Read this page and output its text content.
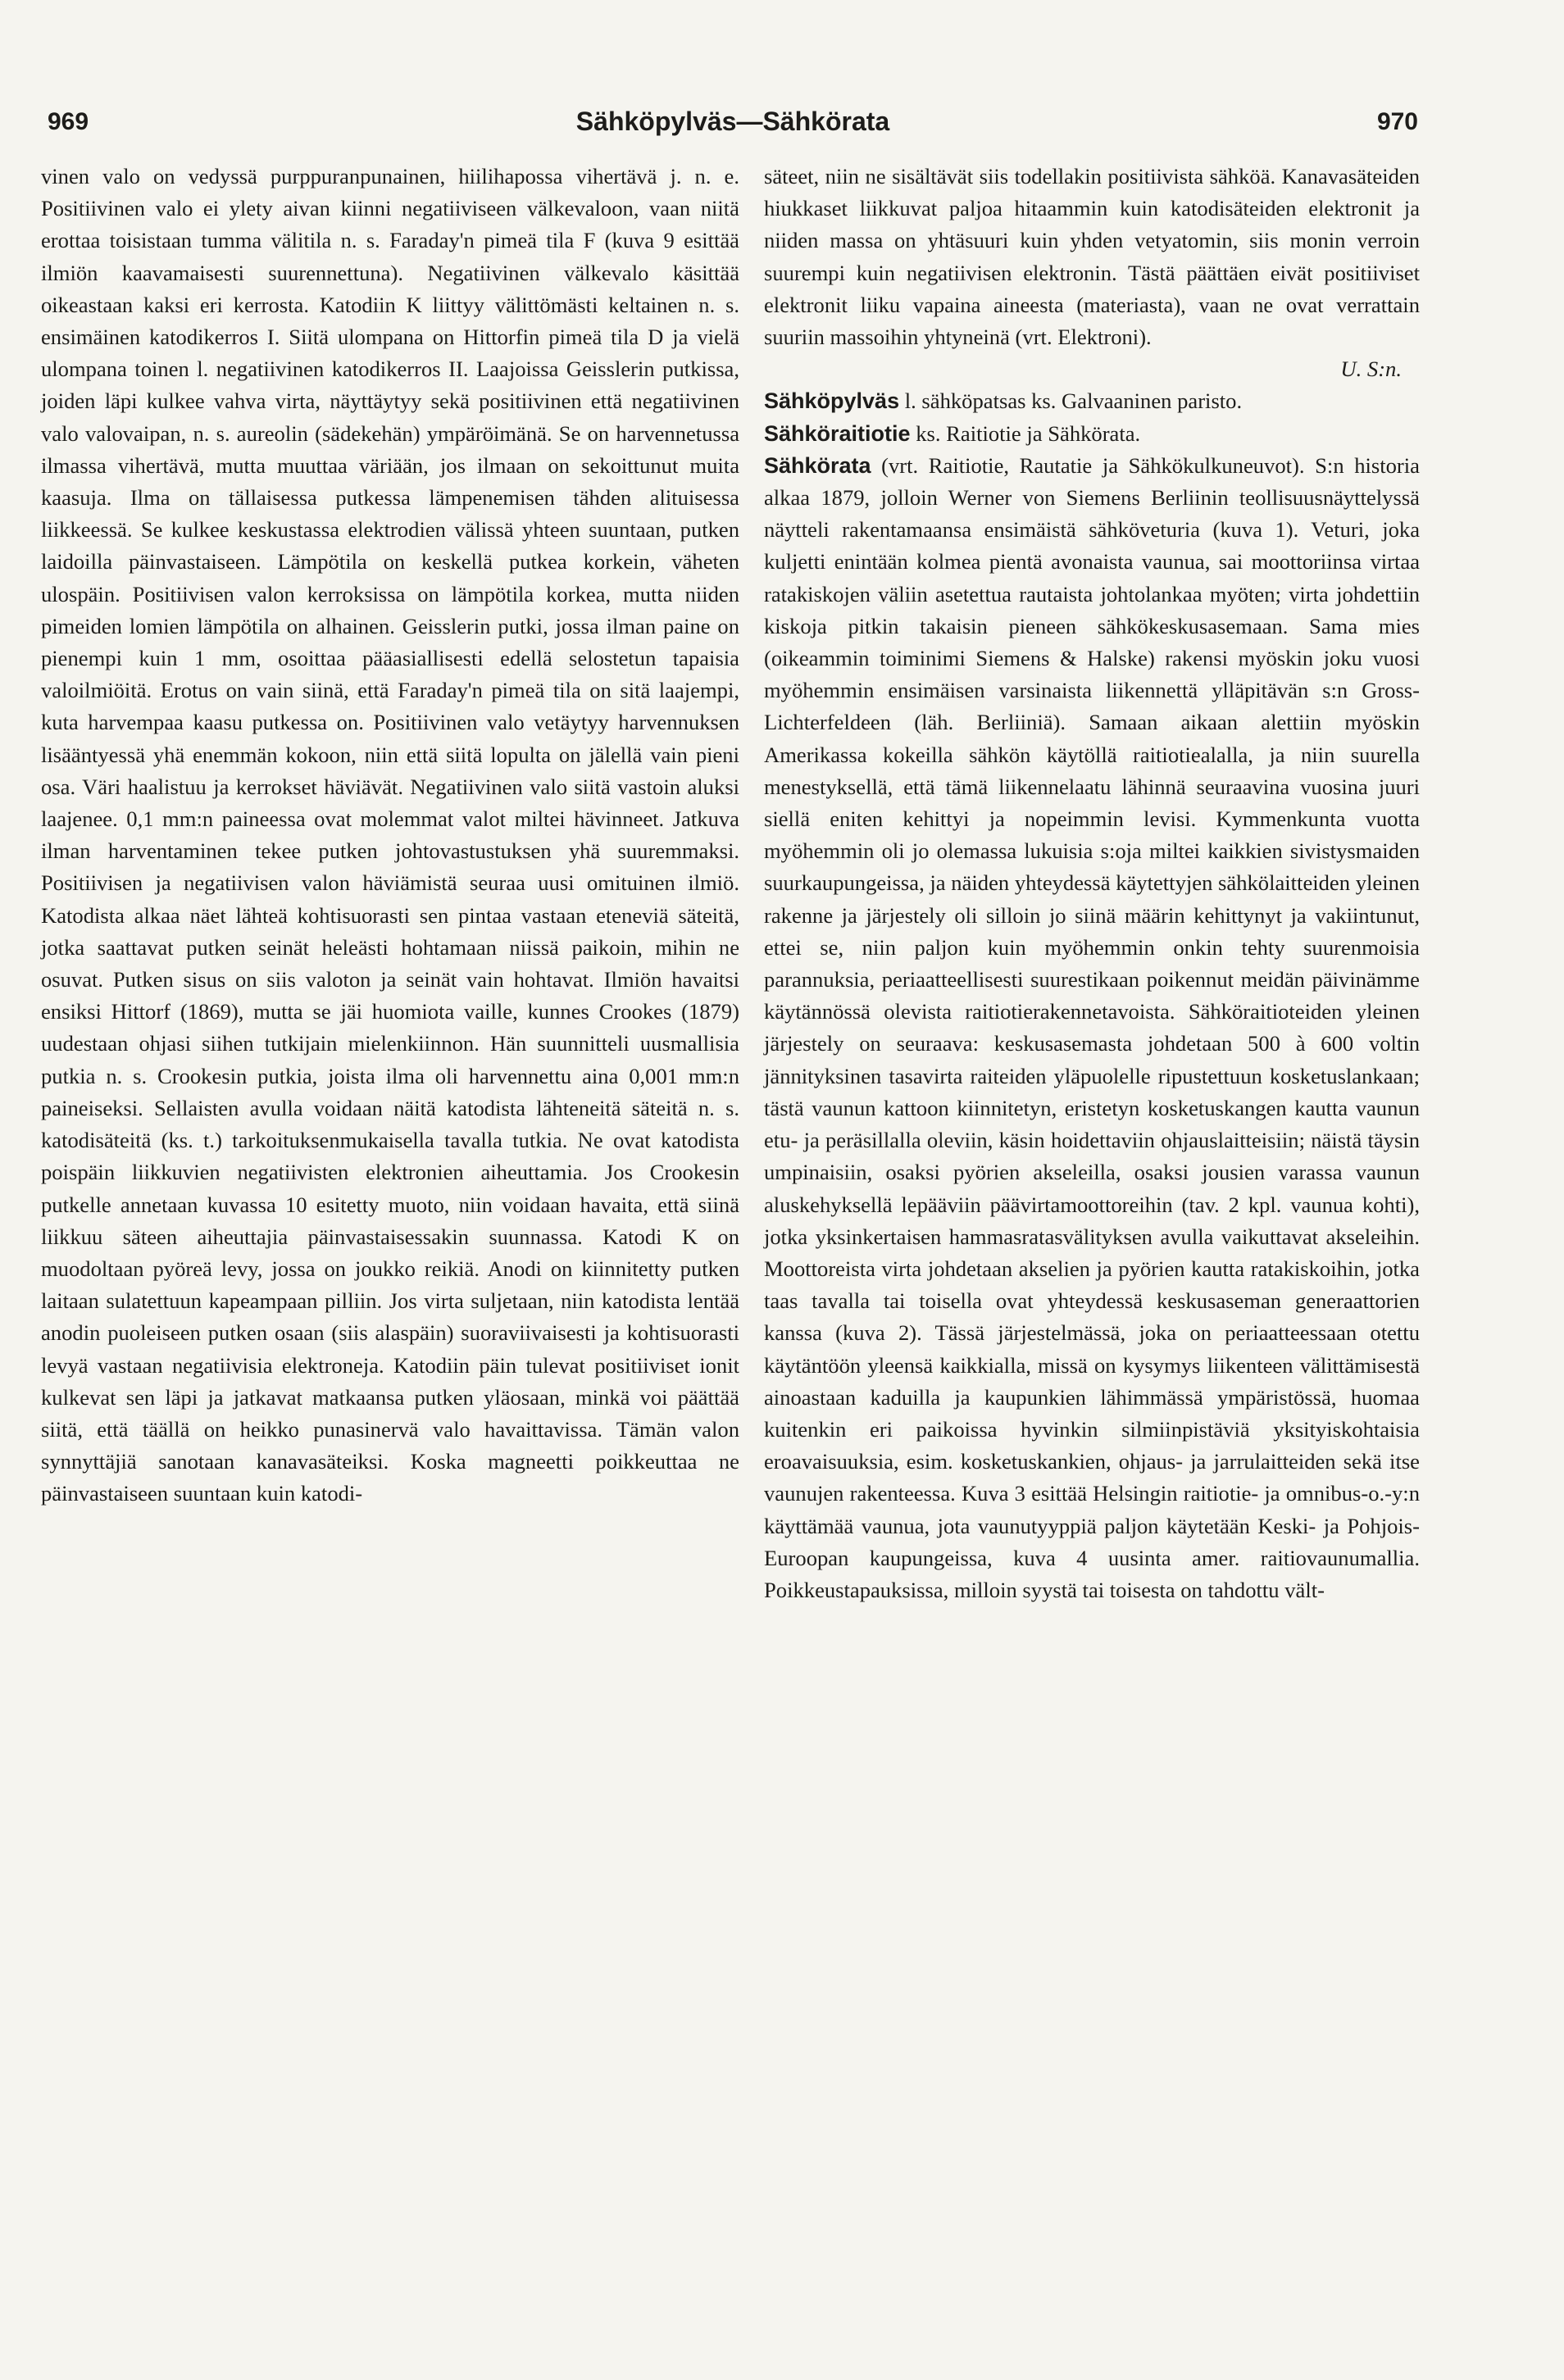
969	Sähköpylväs—Sähkörata	970

vinen valo on vedyssä purppuranpunainen, hiilihapossa vihertävä j. n. e. Positiivinen valo ei ylety aivan kiinni negatiiviseen välkevaloon, vaan niitä erottaa toisistaan tumma välitila n. s. Faraday'n pimeä tila F (kuva 9 esittää ilmiön kaavamaisesti suurennettuna). Negatiivinen välkevalo käsittää oikeastaan kaksi eri kerrosta. Katodiin K liittyy välittömästi keltainen n. s. ensimäinen katodikerros I. Siitä ulompana on Hittorfin pimeä tila D ja vielä ulompana toinen l. negatiivinen katodikerros II. Laajoissa Geisslerin putkissa, joiden läpi kulkee vahva virta, näyttäytyy sekä positiivinen että negatiivinen valo valovaipan, n. s. aureolin (sädekehän) ympäröimänä. Se on harvennetussa ilmassa vihertävä, mutta muuttaa väriään, jos ilmaan on sekoittunut muita kaasuja. Ilma on tällaisessa putkessa lämpenemisen tähden alituisessa liikkeessä. Se kulkee keskustassa elektrodien välissä yhteen suuntaan, putken laidoilla päinvastaiseen. Lämpötila on keskellä putkea korkein, väheten ulospäin. Positiivisen valon kerroksissa on lämpötila korkea, mutta niiden pimeiden lomien lämpötila on alhainen. Geisslerin putki, jossa ilman paine on pienempi kuin 1 mm, osoittaa pääasiallisesti edellä selostetun tapaisia valoilmiöitä. Erotus on vain siinä, että Faraday'n pimeä tila on sitä laajempi, kuta harvempaa kaasu putkessa on. Positiivinen valo vetäytyy harvennuksen lisääntyessä yhä enemmän kokoon, niin että siitä lopulta on jälellä vain pieni osa. Väri haalistuu ja kerrokset häviävät. Negatiivinen valo siitä vastoin aluksi laajenee. 0,1 mm:n paineessa ovat molemmat valot miltei hävinneet. Jatkuva ilman harventaminen tekee putken johtovastustuksen yhä suuremmaksi. Positiivisen ja negatiivisen valon häviämistä seuraa uusi omituinen ilmiö. Katodista alkaa näet lähteä kohtisuorasti sen pintaa vastaan eteneviä säteitä, jotka saattavat putken seinät heleästi hohtamaan niissä paikoin, mihin ne osuvat. Putken sisus on siis valoton ja seinät vain hohtavat. Ilmiön havaitsi ensiksi Hittorf (1869), mutta se jäi huomiota vaille, kunnes Crookes (1879) uudestaan ohjasi siihen tutkijain mielenkiinnon. Hän suunnitteli uusmallisia putkia n. s. Crookesin putkia, joista ilma oli harvennettu aina 0,001 mm:n paineiseksi. Sellaisten avulla voidaan näitä katodista lähteneitä säteitä n. s. katodisäteitä (ks. t.) tarkoituksenmukaisella tavalla tutkia. Ne ovat katodista poispäin liikkuvien negatiivisten elektronien aiheuttamia. Jos Crookesin putkelle annetaan kuvassa 10 esitetty muoto, niin voidaan havaita, että siinä liikkuu säteen aiheuttajia päinvastaisessakin suunnassa. Katodi K on muodoltaan pyöreä levy, jossa on joukko reikiä. Anodi on kiinnitetty putken laitaan sulatettuun kapeampaan pilliin. Jos virta suljetaan, niin katodista lentää anodin puoleiseen putken osaan (siis alaspäin) suoraviivaisesti ja kohtisuorasti levyä vastaan negatiivisia elektroneja. Katodiin päin tulevat positiiviset ionit kulkevat sen läpi ja jatkavat matkaansa putken yläosaan, minkä voi päättää siitä, että täällä on heikko punasinervä valo havaittavissa. Tämän valon synnyttäjiä sanotaan kanavasäteiksi. Koska magneetti poikkeuttaa ne päinvastaiseen suuntaan kuin katodi-

säteet, niin ne sisältävät siis todellakin positiivista sähköä. Kanavasäteiden hiukkaset liikkuvat paljoa hitaammin kuin katodisäteiden elektronit ja niiden massa on yhtäsuuri kuin yhden vetyatomin, siis monin verroin suurempi kuin negatiivisen elektronin. Tästä päättäen eivät positiiviset elektronit liiku vapaina aineesta (materiasta), vaan ne ovat verrattain suuriin massoihin yhtyneinä (vrt. Elektroni).

U. S:n.

Sähköpylväs l. sähköpatsas ks. Galvaaninen paristo.

Sähköraitiotie ks. Raitiotie ja Sähkörata.

Sähkörata (vrt. Raitiotie, Rautatie ja Sähkökulkuneuvot). S:n historia alkaa 1879, jolloin Werner von Siemens Berliinin teollisuusnäyttelyssä näytteli rakentamaansa ensimäistä sähköveturia (kuva 1). Veturi, joka kuljetti enintään kolmea pientä avonaista vaunua, sai moottoriinsa virtaa ratakiskojen väliin asetettua rautaista johtolankaa myöten; virta johdettiin kiskoja pitkin takaisin pieneen sähkökeskusasemaan. Sama mies (oikeammin toiminimi Siemens & Halske) rakensi myöskin joku vuosi myöhemmin ensimäisen varsinaista liikennettä ylläpitävän s:n Gross-Lichterfeldeen (läh. Berliiniä). Samaan aikaan alettiin myöskin Amerikassa kokeilla sähkön käytöllä raitiotiealalla, ja niin suurella menestyksellä, että tämä liikennelaatu lähinnä seuraavina vuosina juuri siellä eniten kehittyi ja nopeimmin levisi. Kymmenkunta vuotta myöhemmin oli jo olemassa lukuisia s:oja miltei kaikkien sivistysmaiden suurkaupungeissa, ja näiden yhteydessä käytettyjen sähkölaitteiden yleinen rakenne ja järjestely oli silloin jo siinä määrin kehittynyt ja vakiintunut, ettei se, niin paljon kuin myöhemmin onkin tehty suurenmoisia parannuksia, periaatteellisesti suurestikaan poikennut meidän päivinämme käytännössä olevista raitiotierakennetavoista. Sähköraitioteiden yleinen järjestely on seuraava: keskusasemasta johdetaan 500 à 600 voltin jännityksinen tasavirta raiteiden yläpuolelle ripustettuun kosketuslankaan; tästä vaunun kattoon kiinnitetyn, eristetyn kosketuskangen kautta vaunun etu- ja peräsillalla oleviin, käsin hoidettaviin ohjauslaitteisiin; näistä täysin umpinaisiin, osaksi pyörien akseleilla, osaksi jousien varassa vaunun aluskehyksellä lepääviin päävirtamoottoreihin (tav. 2 kpl. vaunua kohti), jotka yksinkertaisen hammasratasvälityksen avulla vaikuttavat akseleihin. Moottoreista virta johdetaan akselien ja pyörien kautta ratakiskoihin, jotka taas tavalla tai toisella ovat yhteydessä keskusaseman generaattorien kanssa (kuva 2). Tässä järjestelmässä, joka on periaatteessaan otettu käytäntöön yleensä kaikkialla, missä on kysymys liikenteen välittämisestä ainoastaan kaduilla ja kaupunkien lähimmässä ympäristössä, huomaa kuitenkin eri paikoissa hyvinkin silmiinpistäviä yksityiskohtaisia eroavaisuuksia, esim. kosketuskankien, ohjaus- ja jarrulaitteiden sekä itse vaunujen rakenteessa. Kuva 3 esittää Helsingin raitiotie- ja omnibus-o.-y:n käyttämää vaunua, jota vaunutyyppiä paljon käytetään Keski- ja Pohjois-Euroopan kaupungeissa, kuva 4 uusinta amer. raitiovaunumallia. Poikkeustapauksissa, milloin syystä tai toisesta on tahdottu vält-
